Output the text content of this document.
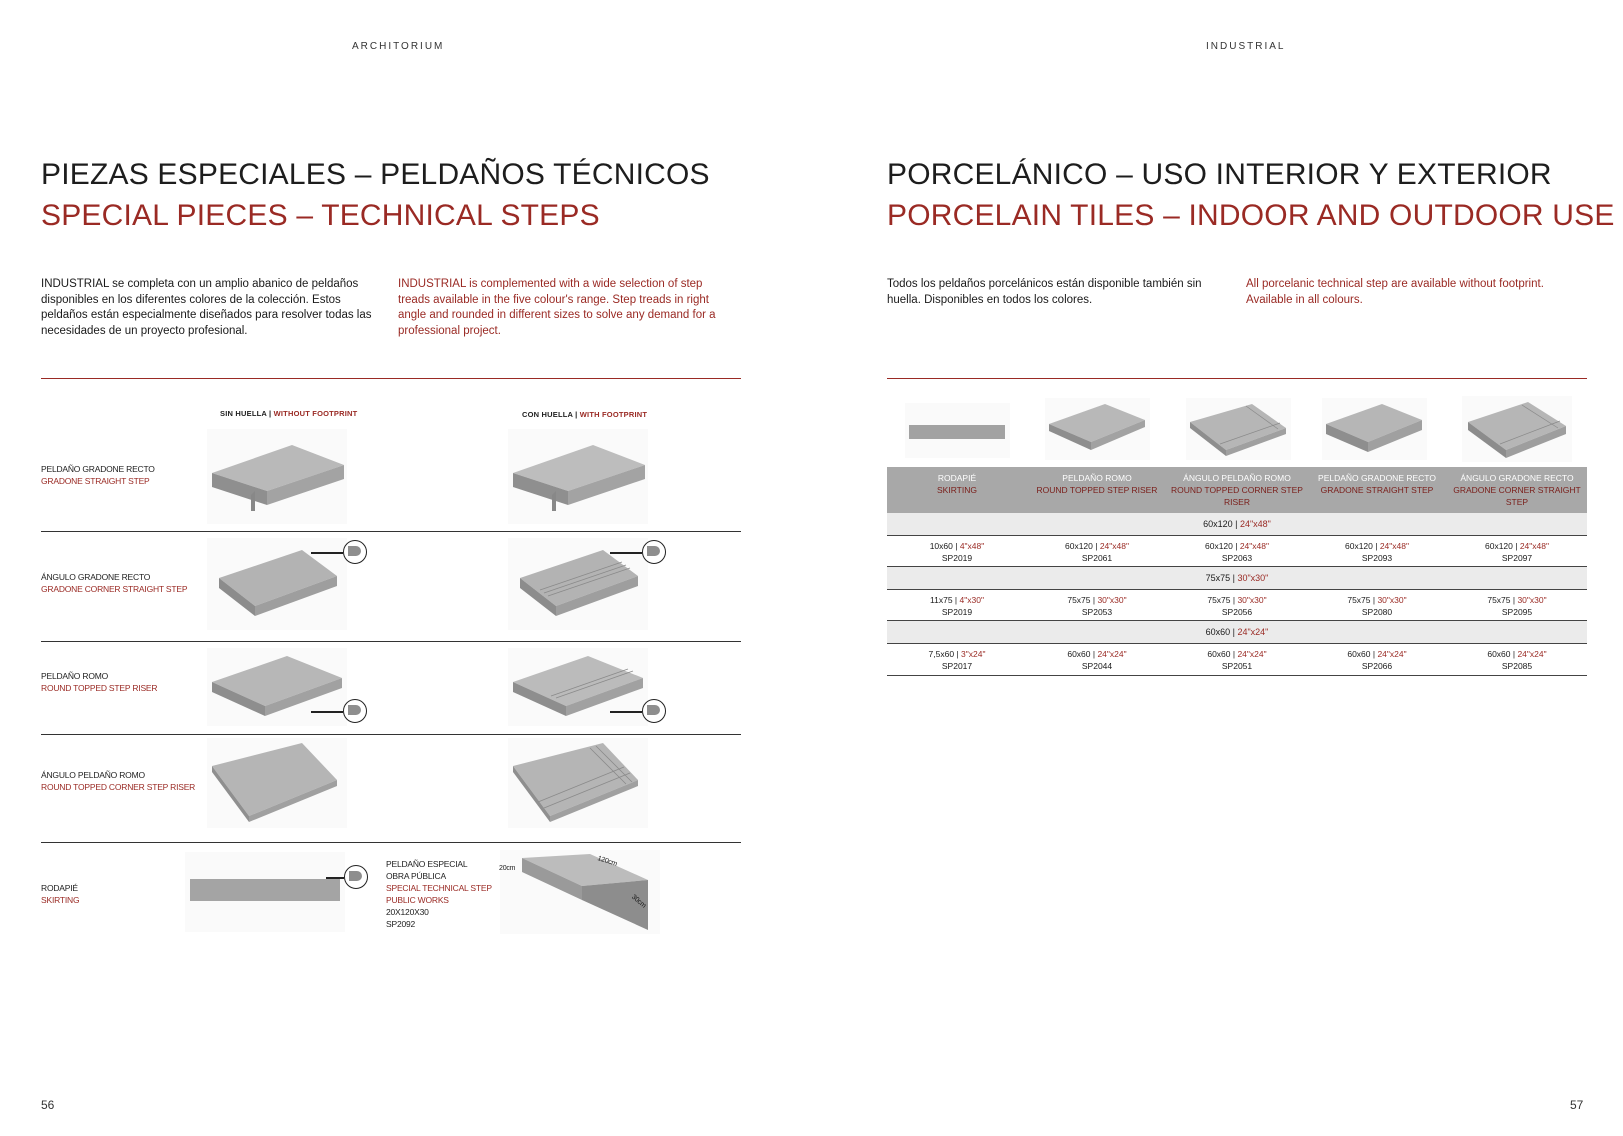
ARCHITORIUM
PIEZAS ESPECIALES – PELDAÑOS TÉCNICOS
SPECIAL PIECES – TECHNICAL STEPS
INDUSTRIAL se completa con un amplio abanico de peldaños disponibles en los diferentes colores de la colección. Estos peldaños están especialmente diseñados para resolver todas las necesidades de un proyecto profesional.
INDUSTRIAL is complemented with a wide selection of step treads available in the five colour's range. Step treads in right angle and rounded in different sizes to solve any demand for a professional project.
SIN HUELLA | WITHOUT FOOTPRINT	CON HUELLA | WITH FOOTPRINT
PELDAÑO GRADONE RECTO
GRADONE STRAIGHT STEP
ÁNGULO GRADONE RECTO
GRADONE CORNER STRAIGHT STEP
PELDAÑO ROMO
ROUND TOPPED STEP RISER
ÁNGULO PELDAÑO ROMO
ROUND TOPPED CORNER STEP RISER
RODAPIÉ
SKIRTING
PELDAÑO ESPECIAL
OBRA PÚBLICA
SPECIAL TECHNICAL STEP
PUBLIC WORKS
20X120X30
SP2092
20cm
120cm
30cm
56
INDUSTRIAL
PORCELÁNICO – USO INTERIOR Y EXTERIOR
PORCELAIN TILES – INDOOR AND OUTDOOR USE
Todos los peldaños porcelánicos están disponible también sin huella. Disponibles en todos los colores.
All porcelanic technical step are available without footprint. Available in all colours.
RODAPIÉ
SKIRTING
PELDAÑO ROMO
ROUND TOPPED STEP RISER
ÁNGULO PELDAÑO ROMO
ROUND TOPPED CORNER STEP RISER
PELDAÑO GRADONE RECTO
GRADONE STRAIGHT STEP
ÁNGULO GRADONE RECTO
GRADONE CORNER STRAIGHT STEP
60x120 | 24"x48"
10x60 | 4"x48"
SP2019
60x120 | 24"x48"
SP2061
60x120 | 24"x48"
SP2063
60x120 | 24"x48"
SP2093
60x120 | 24"x48"
SP2097
75x75 | 30"x30"
11x75 | 4"x30"
SP2019
75x75 | 30"x30"
SP2053
75x75 | 30"x30"
SP2056
75x75 | 30"x30"
SP2080
75x75 | 30"x30"
SP2095
60x60 | 24"x24"
7,5x60 | 3"x24"
SP2017
60x60 | 24"x24"
SP2044
60x60 | 24"x24"
SP2051
60x60 | 24"x24"
SP2066
60x60 | 24"x24"
SP2085
57
